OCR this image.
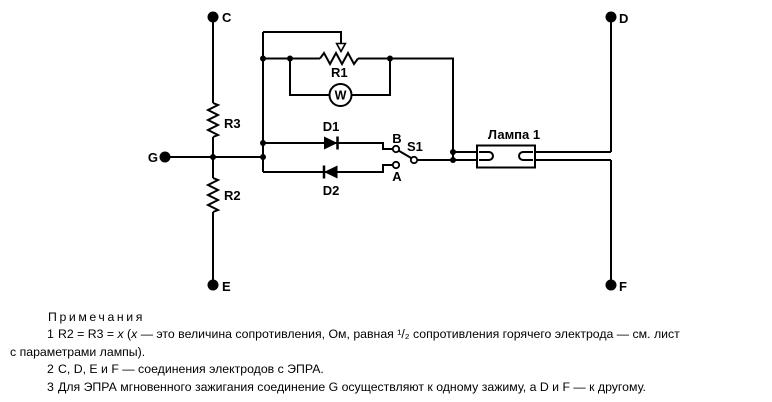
W
C	D
E	F
G
R3
R2
R1
D1
D2
B
A
S1
Лампа 1
Примечания
1 R2 = R3 = x (x — это величина сопротивления, Ом, равная ¹/₂ сопротивления горячего электрода — см. лист
с параметрами лампы).
2 C, D, E и F — соединения электродов с ЭПРА.
3 Для ЭПРА мгновенного зажигания соединение G осуществляют к одному зажиму, а D и F — к другому.
